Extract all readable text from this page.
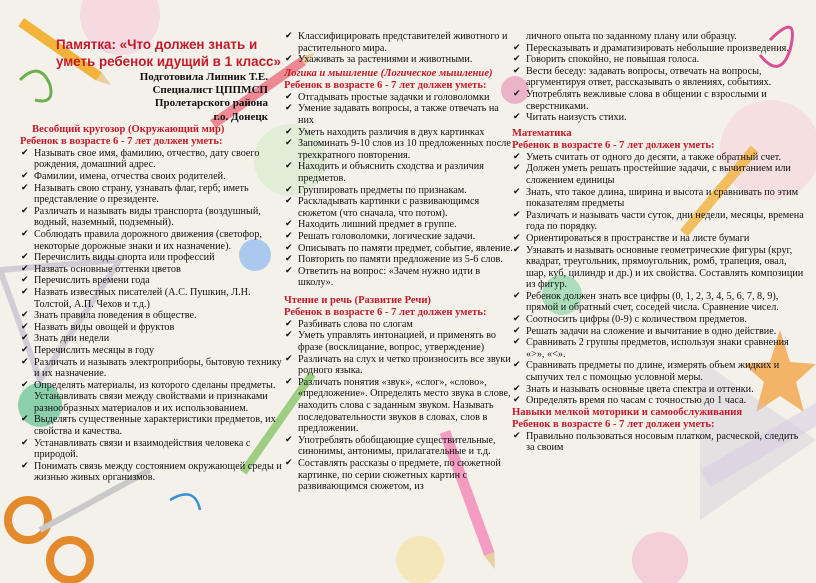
Памятка: «Что должен знать и уметь ребенок идущий в 1 класс»
Подготовила Липник Т.Е.
Специалист ЦППМСП
Пролетарского района
г.о. Донецк
Весобщий кругозор (Окружающий мир)
Ребенок в возрасте 6 - 7 лет должен уметь:
✔ Называть свое имя, фамилию, отчество, дату своего рождения, домашний адрес.
✔ Фамилии, имена, отчества своих родителей.
✔ Называть свою страну, узнавать флаг, герб; иметь представление о президенте.
✔ Различать и называть виды транспорта (воздушный, водный, наземный, подземный).
✔ Соблюдать правила дорожного движения (светофор, некоторые дорожные знаки и их назначение).
✔ Перечислить виды спорта или профессий
✔ Назвать основные оттенки цветов
✔ Перечислить времени года
✔ Назвать известных писателей (А.С. Пушкин, Л.Н. Толстой, А.П. Чехов и т.д.)
✔ Знать правила поведения в обществе.
✔ Назвать виды овощей и фруктов
✔ Знать дни недели
✔ Перечислить месяцы в году
✔ Различать и называть электроприборы, бытовую технику и их назначение.
✔ Определять материалы, из которого сделаны предметы. Устанавливать связи между свойствами и признаками разнообразных материалов и их использованием.
✔ Выделять существенные характеристики предметов, их свойства и качества.
✔ Устанавливать связи и взаимодействия человека с природой.
✔ Понимать связь между состоянием окружающей среды и жизнью живых организмов.
✔ Классифицировать представителей животного и растительного мира.
✔ Ухаживать за растениями и животными.
Логика и мышление (Логическое мышление)
Ребенок в возрасте 6 - 7 лет должен уметь:
✔ Отгадывать простые задачки и головоломки
✔ Умение задавать вопросы, а также отвечать на них
✔ Уметь находить различия в двух картинках
✔ Запоминать 9-10 слов из 10 предложенных после трехкратного повторения.
✔ Находить и объяснить сходства и различия предметов.
✔ Группировать предметы по признакам.
✔ Раскладывать картинки с развивающимся сюжетом (что сначала, что потом).
✔ Находить лишний предмет в группе.
✔ Решать головоломки, логические задачи.
✔ Описывать по памяти предмет, событие, явление.
✔ Повторить по памяти предложение из 5-6 слов.
✔ Ответить на вопрос: «Зачем нужно идти в школу».
Чтение и речь (Развитие Речи)
Ребенок в возрасте 6 - 7 лет должен уметь:
✔ Разбивать слова по слогам
✔ Уметь управлять интонацией, и применять во фразе (восклицание, вопрос, утверждение)
✔ Различать на слух и четко произносить все звуки родного языка.
✔ Различать понятия «звук», «слог», «слово», «предложение». Определять место звука в слове, находить слова с заданным звуком. Называть последовательности звуков в словах, слов в предложении.
✔ Употреблять обобщающие существительные, синонимы, антонимы, прилагательные и т.д.
✔ Составлять рассказы о предмете, по сюжетной картинке, по серии сюжетных картин с развивающимся сюжетом, из
личного опыта по заданному плану или образцу.
✔ Пересказывать и драматизировать небольшие произведения.
✔ Говорить спокойно, не повышая голоса.
✔ Вести беседу: задавать вопросы, отвечать на вопросы, аргументируя ответ, рассказывать о явлениях, событиях.
✔ Употреблять вежливые слова в общении с взрослыми и сверстниками.
✔ Читать наизусть стихи.
Математика
Ребенок в возрасте 6 - 7 лет должен уметь:
✔ Уметь считать от одного до десяти, а также обратный счет.
✔ Должен уметь решать простейшие задачи, с вычитанием или сложением единицы
✔ Знать, что такое длина, ширина и высота и сравнивать по этим показателям предметы
✔ Различать и называть части суток, дни недели, месяцы, времена года по порядку.
✔ Ориентироваться в пространстве и на листе бумаги
✔ Узнавать и называть основные геометрические фигуры (круг, квадрат, треугольник, прямоугольник, ромб, трапеция, овал, шар, куб, цилиндр и др.) и их свойства. Составлять композиции из фигур.
✔ Ребенок должен знать все цифры (0, 1, 2, 3, 4, 5, 6, 7, 8, 9), прямой и обратный счет, соседей числа. Сравнение чисел.
✔ Соотносить цифры (0-9) с количеством предметов.
✔ Решать задачи на сложение и вычитание в одно действие.
✔ Сравнивать 2 группы предметов, используя знаки сравнения «>», «<».
✔ Сравнивать предметы по длине, измерять объем жидких и сыпучих тел с помощью условной меры.
✔ Знать и называть основные цвета спектра и оттенки.
✔ Определять время по часам с точностью до 1 часа.
Навыки мелкой моторики и самообслуживания
Ребенок в возрасте 6 - 7 лет должен уметь:
✔ Правильно пользоваться носовым платком, расческой, следить за своим
